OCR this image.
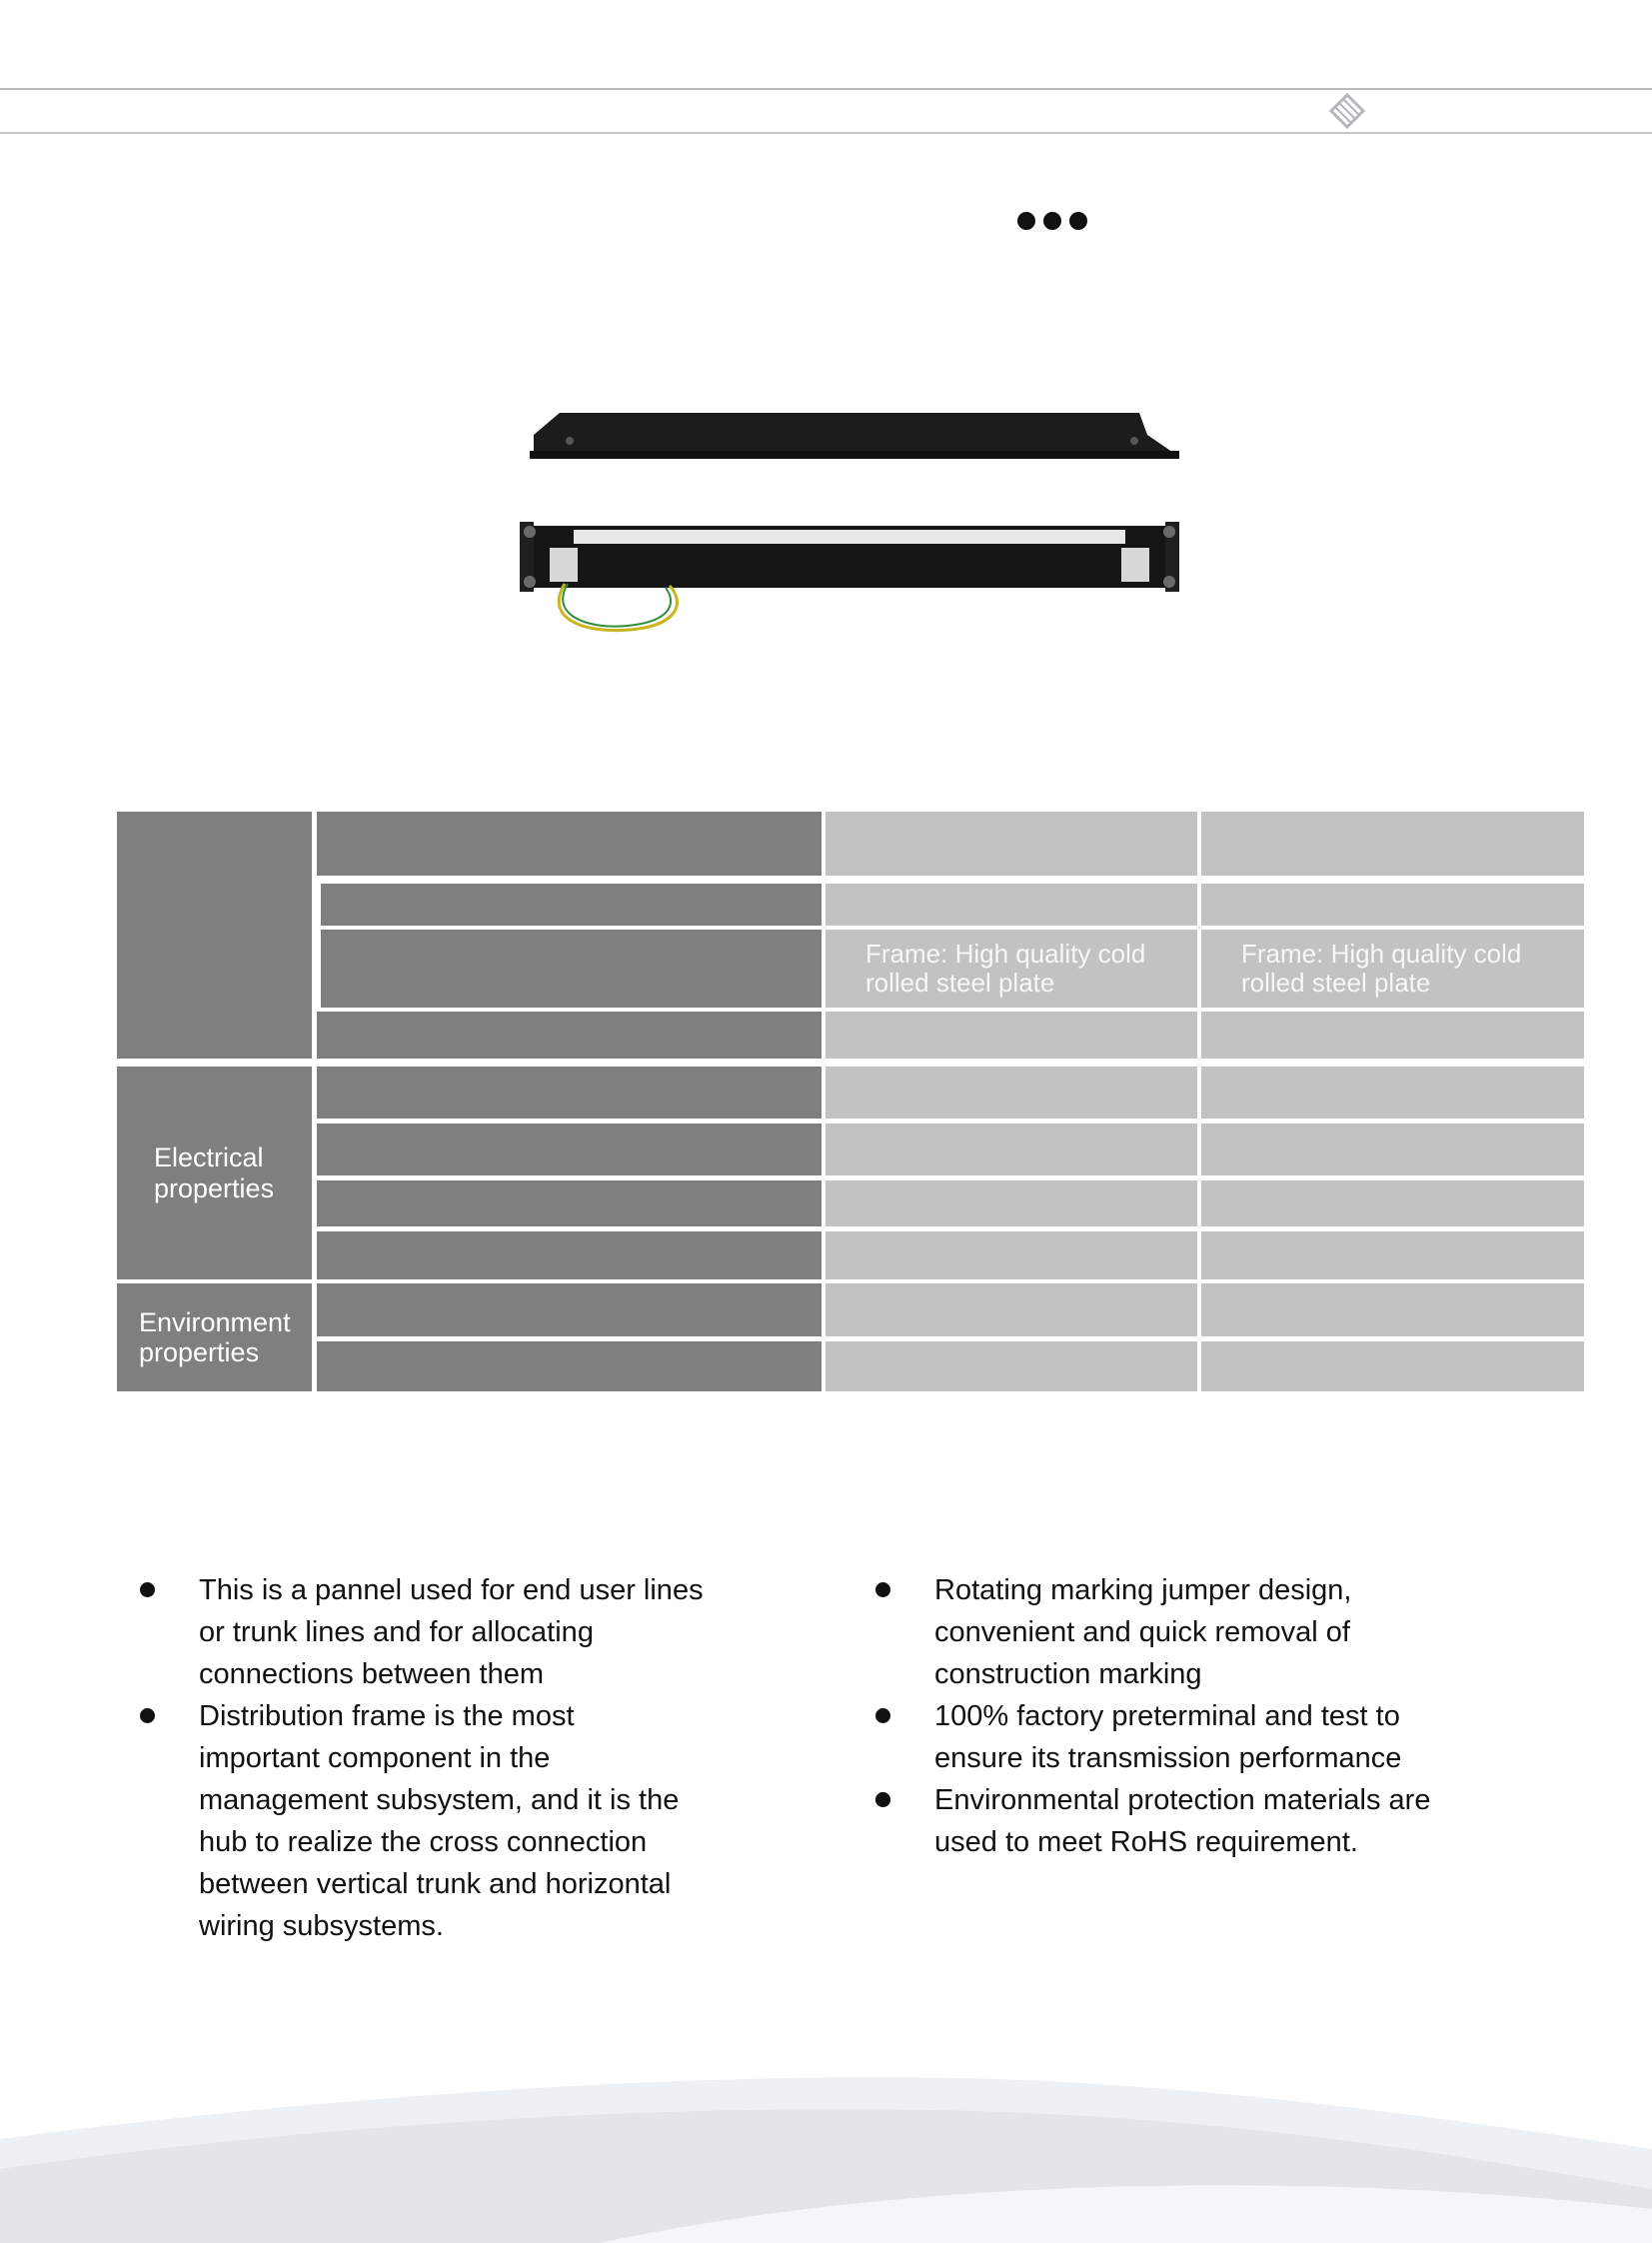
Electrical
properties
Environment
properties
Frame: High quality cold
rolled steel plate
Frame: High quality cold
rolled steel plate
This is a pannel used for end user lines
or trunk lines and for allocating
connections between them
Distribution frame is the most
important component in the
management subsystem, and it is the
hub to realize the cross connection
between vertical trunk and horizontal
wiring subsystems.
Rotating marking jumper design,
convenient and quick removal of
construction marking
100% factory preterminal and test to
ensure its transmission performance
Environmental protection materials are
used to meet RoHS requirement.
